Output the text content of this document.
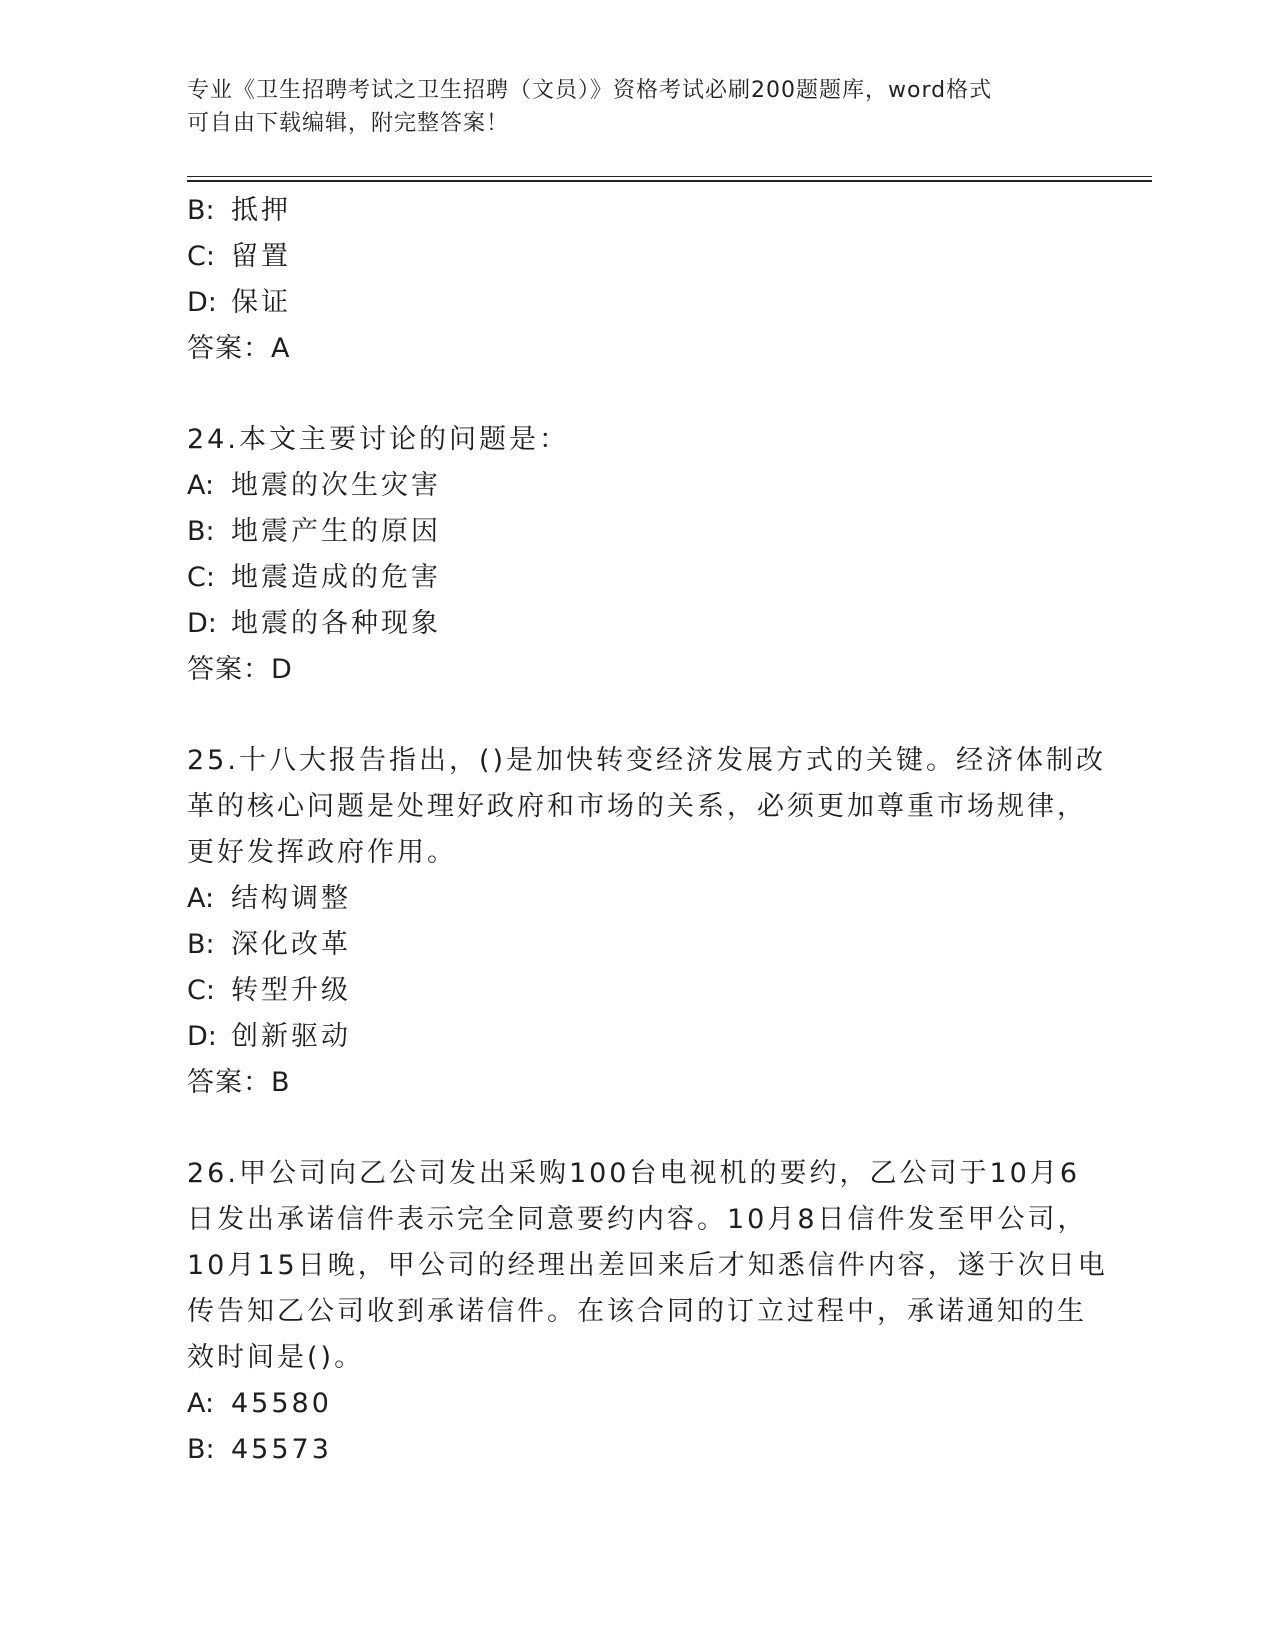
专业《卫生招聘考试之卫生招聘（文员）》资格考试必刷200题题库，word格式
可自由下载编辑，附完整答案！
B: 抵押
C: 留置
D: 保证
答案：A
24.本文主要讨论的问题是：
A: 地震的次生灾害
B: 地震产生的原因
C: 地震造成的危害
D: 地震的各种现象
答案：D
25.十八大报告指出，()是加快转变经济发展方式的关键。经济体制改
革的核心问题是处理好政府和市场的关系，必须更加尊重市场规律，
更好发挥政府作用。
A: 结构调整
B: 深化改革
C: 转型升级
D: 创新驱动
答案：B
26.甲公司向乙公司发出采购100台电视机的要约，乙公司于10月6
日发出承诺信件表示完全同意要约内容。10月8日信件发至甲公司，
10月15日晚，甲公司的经理出差回来后才知悉信件内容，遂于次日电
传告知乙公司收到承诺信件。在该合同的订立过程中，承诺通知的生
效时间是()。
A: 45580
B: 45573
